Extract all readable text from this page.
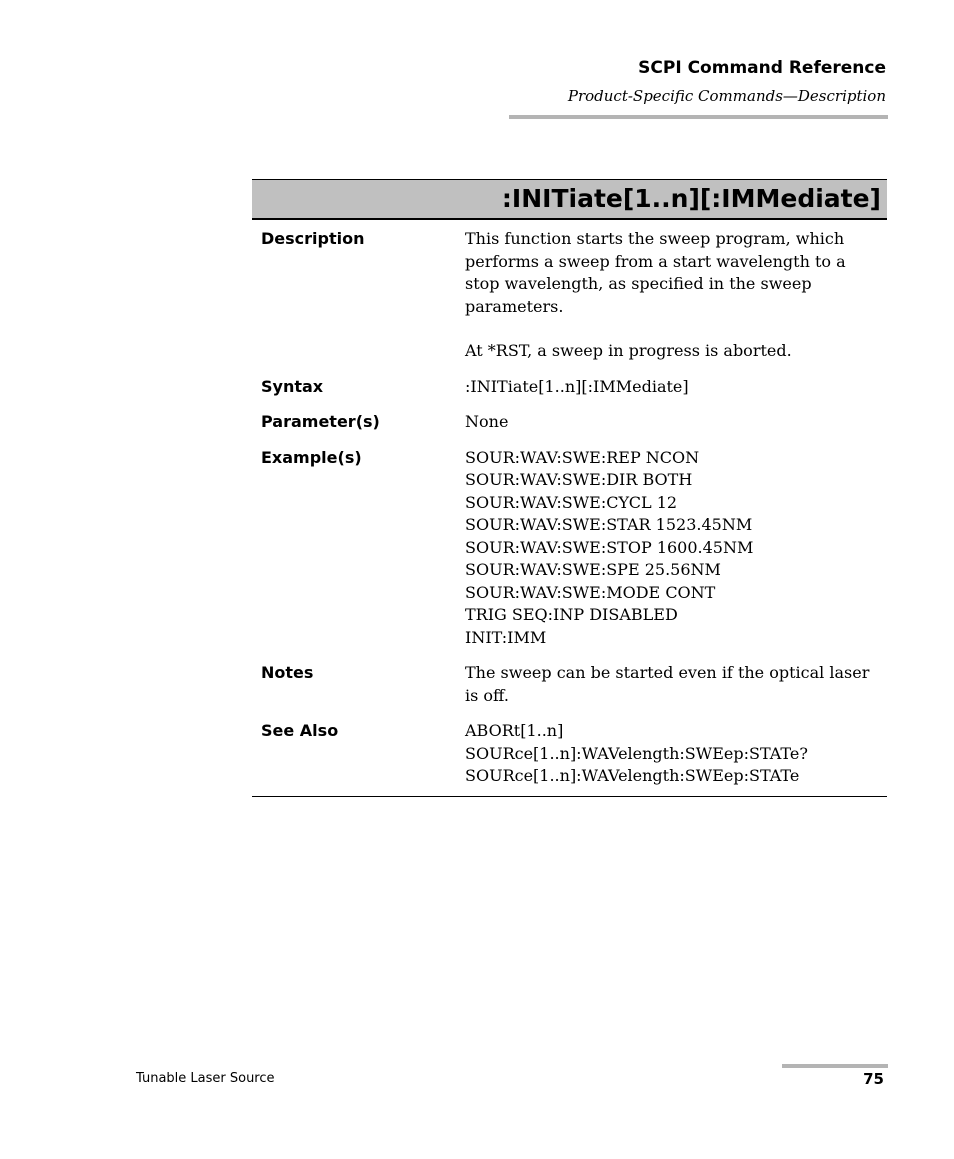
SCPI Command Reference
Product-Specific Commands—Description
:INITiate[1..n][:IMMediate]
Description	This function starts the sweep program, which
performs a sweep from a start wavelength to a
stop wavelength, as specified in the sweep
parameters.

At *RST, a sweep in progress is aborted.

Syntax	:INITiate[1..n][:IMMediate]
Parameter(s)	None
Example(s)	SOUR:WAV:SWE:REP NCON
SOUR:WAV:SWE:DIR BOTH
SOUR:WAV:SWE:CYCL 12
SOUR:WAV:SWE:STAR 1523.45NM
SOUR:WAV:SWE:STOP 1600.45NM
SOUR:WAV:SWE:SPE 25.56NM
SOUR:WAV:SWE:MODE CONT
TRIG SEQ:INP DISABLED
INIT:IMM
Notes	The sweep can be started even if the optical laser
is off.
See Also	ABORt[1..n]
SOURce[1..n]:WAVelength:SWEep:STATe?
SOURce[1..n]:WAVelength:SWEep:STATe
Tunable Laser Source	75
